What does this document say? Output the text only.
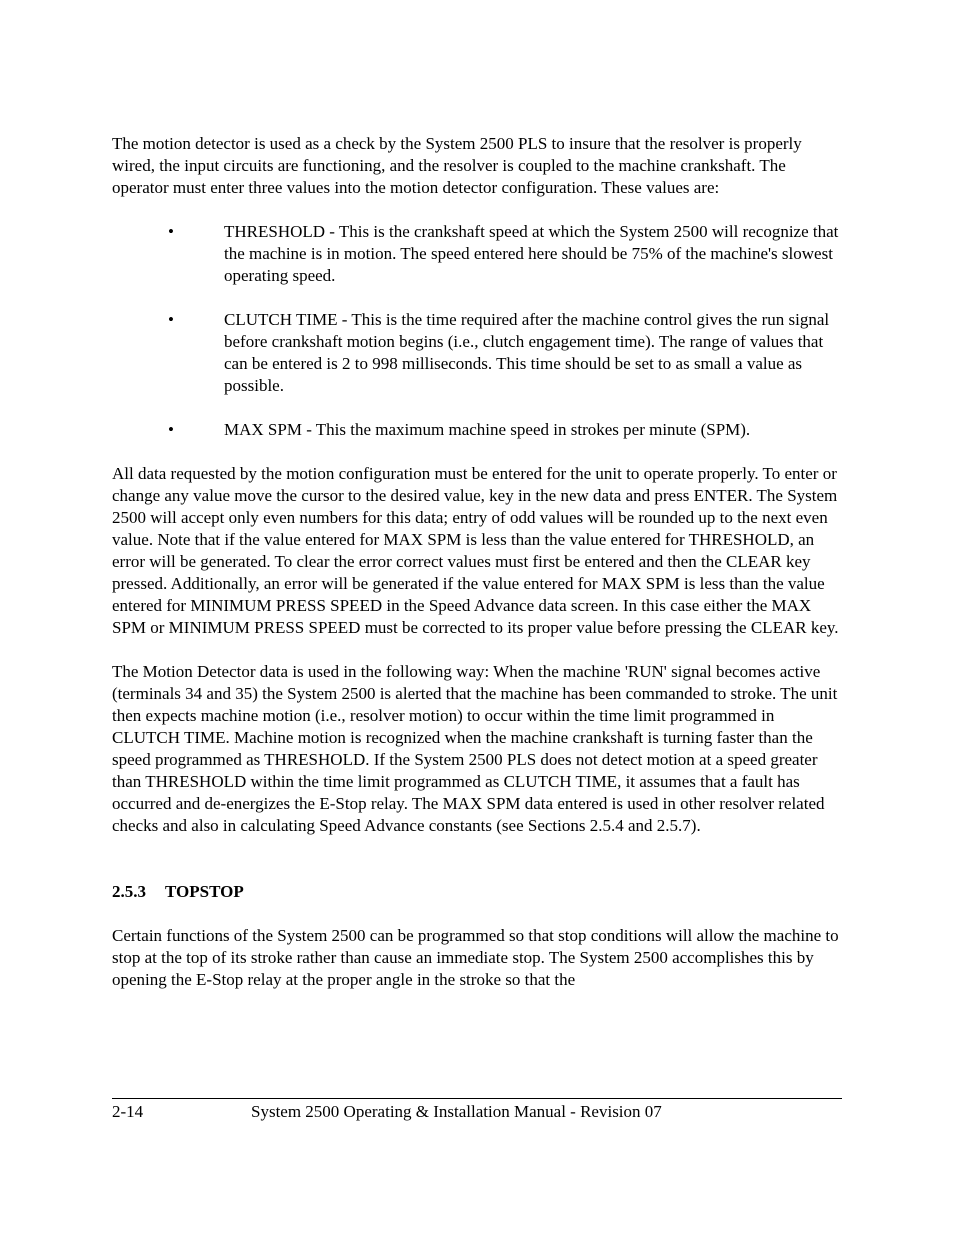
The motion detector is used as a check by the System 2500 PLS to insure that the resolver is properly wired, the input circuits are functioning, and the resolver is coupled to the machine crankshaft. The operator must enter three values into the motion detector configuration. These values are:

•	THRESHOLD - This is the crankshaft speed at which the System 2500 will recognize that the machine is in motion. The speed entered here should be 75% of the machine's slowest operating speed.
•	CLUTCH TIME - This is the time required after the machine control gives the run signal before crankshaft motion begins (i.e., clutch engagement time). The range of values that can be entered is 2 to 998 milliseconds. This time should be set to as small a value as possible.
•	MAX SPM - This the maximum machine speed in strokes per minute (SPM).

All data requested by the motion configuration must be entered for the unit to operate properly. To enter or change any value move the cursor to the desired value, key in the new data and press ENTER. The System 2500 will accept only even numbers for this data; entry of odd values will be rounded up to the next even value. Note that if the value entered for MAX SPM is less than the value entered for THRESHOLD, an error will be generated. To clear the error correct values must first be entered and then the CLEAR key pressed. Additionally, an error will be generated if the value entered for MAX SPM is less than the value entered for MINIMUM PRESS SPEED in the Speed Advance data screen. In this case either the MAX SPM or MINIMUM PRESS SPEED must be corrected to its proper value before pressing the CLEAR key.

The Motion Detector data is used in the following way: When the machine 'RUN' signal becomes active (terminals 34 and 35) the System 2500 is alerted that the machine has been commanded to stroke. The unit then expects machine motion (i.e., resolver motion) to occur within the time limit programmed in CLUTCH TIME. Machine motion is recognized when the machine crankshaft is turning faster than the speed programmed as THRESHOLD. If the System 2500 PLS does not detect motion at a speed greater than THRESHOLD within the time limit programmed as CLUTCH TIME, it assumes that a fault has occurred and de-energizes the E-Stop relay. The MAX SPM data entered is used in other resolver related checks and also in calculating Speed Advance constants (see Sections 2.5.4 and 2.5.7).

2.5.3 TOPSTOP

Certain functions of the System 2500 can be programmed so that stop conditions will allow the machine to stop at the top of its stroke rather than cause an immediate stop. The System 2500 accomplishes this by opening the E-Stop relay at the proper angle in the stroke so that the

2-14	System 2500 Operating & Installation Manual - Revision 07
